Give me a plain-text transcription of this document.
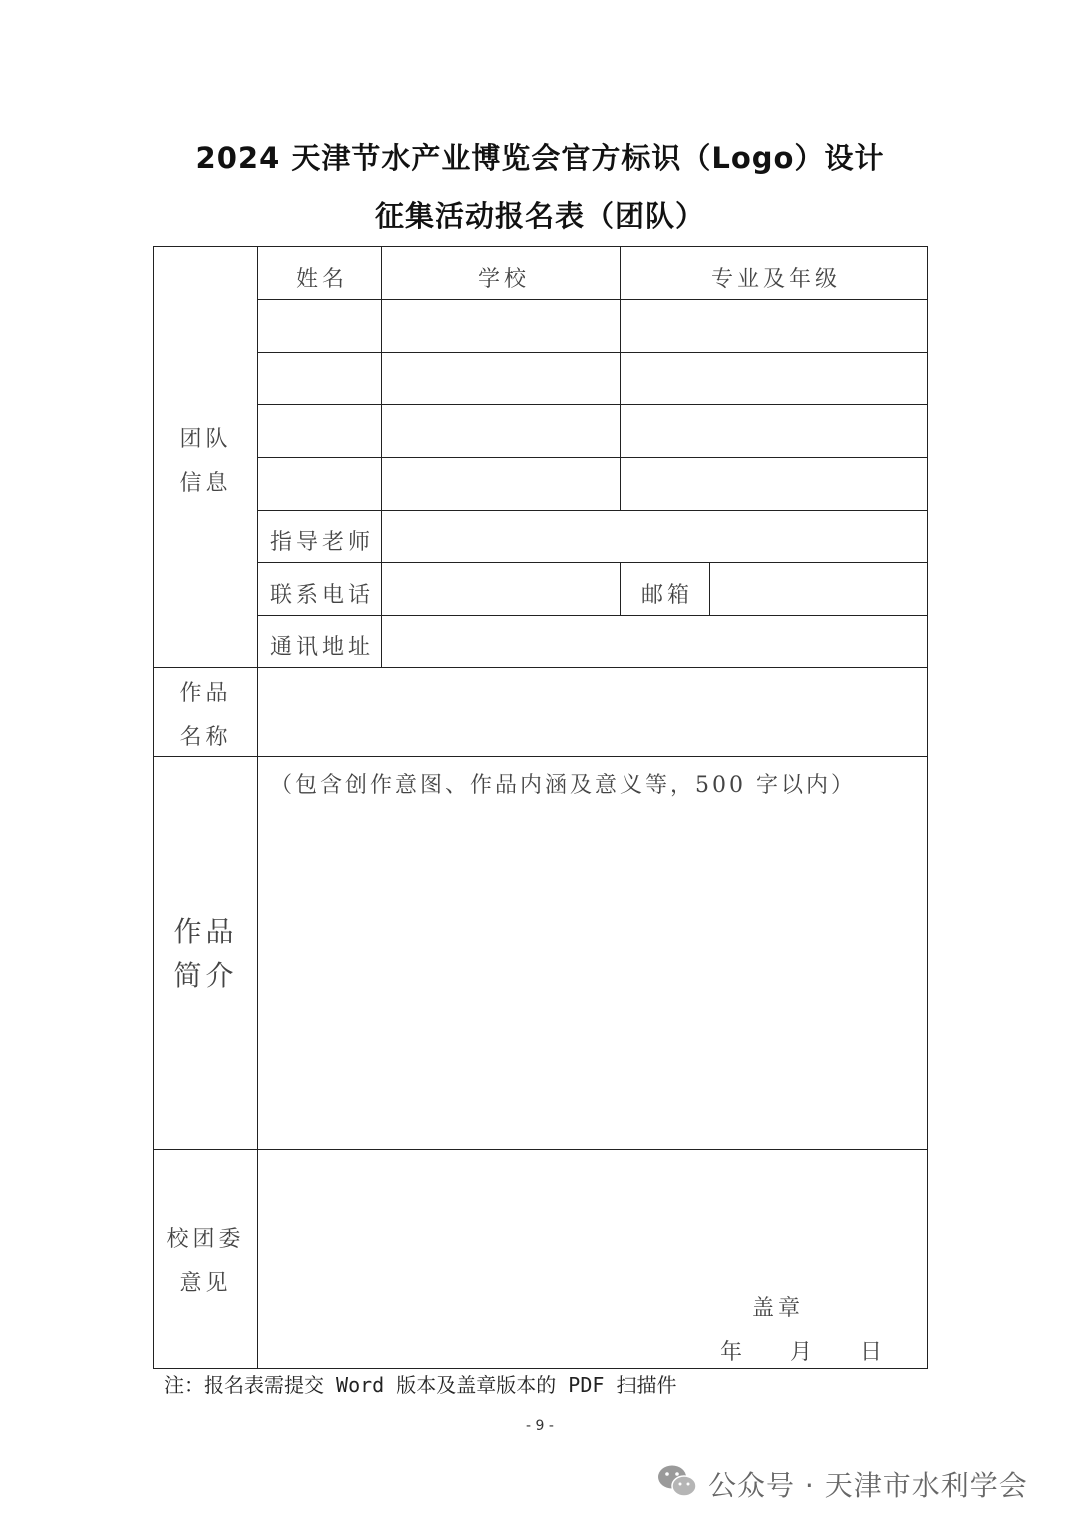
2024 天津节水产业博览会官方标识（Logo）设计
征集活动报名表（团队）
团队
信息
姓名	学校	专业及年级
指导老师
联系电话	邮箱
通讯地址
作品
名称
作品
简介
（包含创作意图、作品内涵及意义等，500 字以内）
校团委
意见
盖章
年    月    日
注：报名表需提交 Word 版本及盖章版本的 PDF 扫描件
- 9 -
公众号 · 天津市水利学会
